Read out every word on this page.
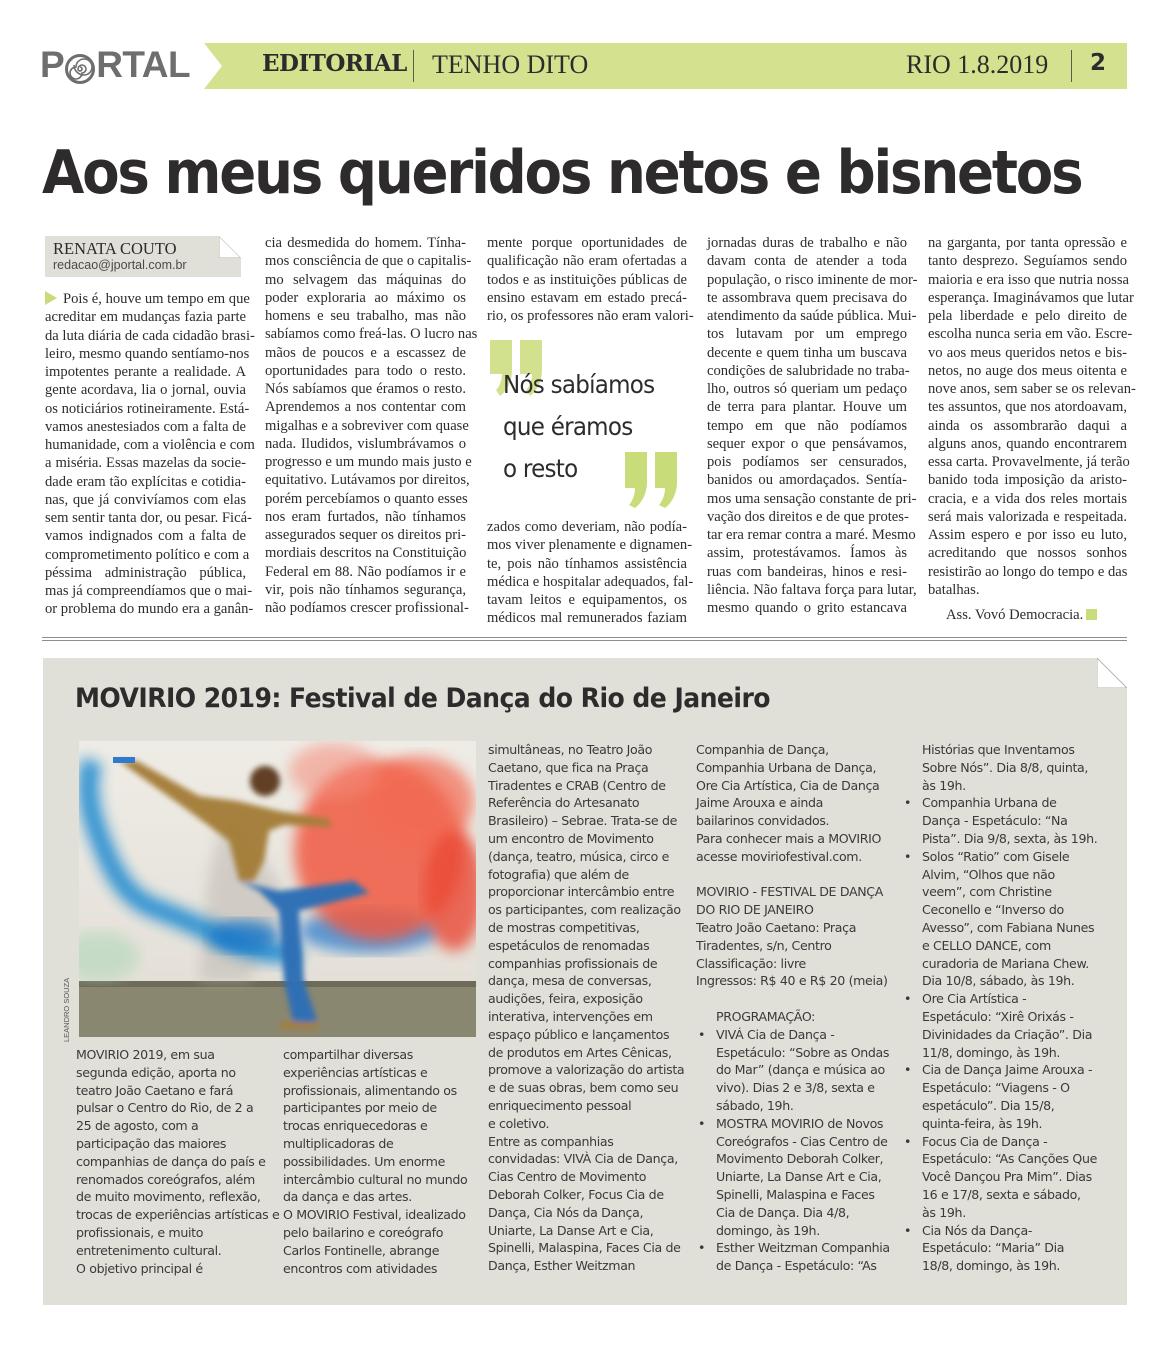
P RTAL	EDITORIAL TENHO DITO	RIO 1.8.2019 2
Aos meus queridos netos e bisnetos
RENATA COUTO
redacao@jportal.com.br
Pois é, houve um tempo em que
acreditar em mudanças fazia parte
da luta diária de cada cidadão brasi-
leiro, mesmo quando sentíamo-nos
impotentes perante a realidade. A
gente acordava, lia o jornal, ouvia
os noticiários rotineiramente. Está-
vamos anestesiados com a falta de
humanidade, com a violência e com
a miséria. Essas mazelas da socie-
dade eram tão explícitas e cotidia-
nas, que já convivíamos com elas
sem sentir tanta dor, ou pesar. Ficá-
vamos indignados com a falta de
comprometimento político e com a
péssima administração pública,
mas já compreendíamos que o mai-
or problema do mundo era a ganân-
cia desmedida do homem. Tínha-
mos consciência de que o capitalis-
mo selvagem das máquinas do
poder exploraria ao máximo os
homens e seu trabalho, mas não
sabíamos como freá-las. O lucro nas
mãos de poucos e a escassez de
oportunidades para todo o resto.
Nós sabíamos que éramos o resto.
Aprendemos a nos contentar com
migalhas e a sobreviver com quase
nada. Iludidos, vislumbrávamos o
progresso e um mundo mais justo e
equitativo. Lutávamos por direitos,
porém percebíamos o quanto esses
nos eram furtados, não tínhamos
assegurados sequer os direitos pri-
mordiais descritos na Constituição
Federal em 88. Não podíamos ir e
vir, pois não tínhamos segurança,
não podíamos crescer profissional-
mente porque oportunidades de
qualificação não eram ofertadas a
todos e as instituições públicas de
ensino estavam em estado precá-
rio, os professores não eram valori-
zados como deveriam, não podía-
mos viver plenamente e dignamen-
te, pois não tínhamos assistência
médica e hospitalar adequados, fal-
tavam leitos e equipamentos, os
médicos mal remunerados faziam
jornadas duras de trabalho e não
davam conta de atender a toda
população, o risco iminente de mor-
te assombrava quem precisava do
atendimento da saúde pública. Mui-
tos lutavam por um emprego
decente e quem tinha um buscava
condições de salubridade no traba-
lho, outros só queriam um pedaço
de terra para plantar. Houve um
tempo em que não podíamos
sequer expor o que pensávamos,
pois podíamos ser censurados,
banidos ou amordaçados. Sentía-
mos uma sensação constante de pri-
vação dos direitos e de que protes-
tar era remar contra a maré. Mesmo
assim, protestávamos. Íamos às
ruas com bandeiras, hinos e resi-
liência. Não faltava força para lutar,
mesmo quando o grito estancava
na garganta, por tanta opressão e
tanto desprezo. Seguíamos sendo
maioria e era isso que nutria nossa
esperança. Imaginávamos que lutar
pela liberdade e pelo direito de
escolha nunca seria em vão. Escre-
vo aos meus queridos netos e bis-
netos, no auge dos meus oitenta e
nove anos, sem saber se os relevan-
tes assuntos, que nos atordoavam,
ainda os assombrarão daqui a
alguns anos, quando encontrarem
essa carta. Provavelmente, já terão
banido toda imposição da aristo-
cracia, e a vida dos reles mortais
será mais valorizada e respeitada.
Assim espero e por isso eu luto,
acreditando que nossos sonhos
resistirão ao longo do tempo e das
batalhas.
Nós sabíamos
que éramos
o resto
Ass. Vovó Democracia.
MOVIRIO 2019: Festival de Dança do Rio de Janeiro
LEANDRO SOUZA
MOVIRIO 2019, em sua
segunda edição, aporta no
teatro João Caetano e fará
pulsar o Centro do Rio, de 2 a
25 de agosto, com a
participação das maiores
companhias de dança do país e
renomados coreógrafos, além
de muito movimento, reflexão,
trocas de experiências artísticas e
profissionais, e muito
entretenimento cultural.
O objetivo principal é
compartilhar diversas
experiências artísticas e
profissionais, alimentando os
participantes por meio de
trocas enriquecedoras e
multiplicadoras de
possibilidades. Um enorme
intercâmbio cultural no mundo
da dança e das artes.
O MOVIRIO Festival, idealizado
pelo bailarino e coreógrafo
Carlos Fontinelle, abrange
encontros com atividades
simultâneas, no Teatro João
Caetano, que fica na Praça
Tiradentes e CRAB (Centro de
Referência do Artesanato
Brasileiro) – Sebrae. Trata-se de
um encontro de Movimento
(dança, teatro, música, circo e
fotografia) que além de
proporcionar intercâmbio entre
os participantes, com realização
de mostras competitivas,
espetáculos de renomadas
companhias profissionais de
dança, mesa de conversas,
audições, feira, exposição
interativa, intervenções em
espaço público e lançamentos
de produtos em Artes Cênicas,
promove a valorização do artista
e de suas obras, bem como seu
enriquecimento pessoal
e coletivo.
Entre as companhias
convidadas: VIVÀ Cia de Dança,
Cias Centro de Movimento
Deborah Colker, Focus Cia de
Dança, Cia Nós da Dança,
Uniarte, La Danse Art e Cia,
Spinelli, Malaspina, Faces Cia de
Dança, Esther Weitzman
Companhia de Dança,
Companhia Urbana de Dança,
Ore Cia Artística, Cia de Dança
Jaime Arouxa e ainda
bailarinos convidados.
Para conhecer mais a MOVIRIO
acesse moviriofestival.com.
MOVIRIO - FESTIVAL DE DANÇA
DO RIO DE JANEIRO
Teatro João Caetano: Praça
Tiradentes, s/n, Centro
Classificação: livre
Ingressos: R$ 40 e R$ 20 (meia)
PROGRAMAÇÃO:
• VIVÁ Cia de Dança -
Espetáculo: “Sobre as Ondas
do Mar” (dança e música ao
vivo). Dias 2 e 3/8, sexta e
sábado, 19h.
• MOSTRA MOVIRIO de Novos
Coreógrafos - Cias Centro de
Movimento Deborah Colker,
Uniarte, La Danse Art e Cia,
Spinelli, Malaspina e Faces
Cia de Dança. Dia 4/8,
domingo, às 19h.
• Esther Weitzman Companhia
de Dança - Espetáculo: “As
Histórias que Inventamos
Sobre Nós”. Dia 8/8, quinta,
às 19h.
• Companhia Urbana de
Dança - Espetáculo: “Na
Pista”. Dia 9/8, sexta, às 19h.
• Solos “Ratio” com Gisele
Alvim, “Olhos que não
veem”, com Christine
Ceconello e “Inverso do
Avesso”, com Fabiana Nunes
e CELLO DANCE, com
curadoria de Mariana Chew.
Dia 10/8, sábado, às 19h.
• Ore Cia Artística -
Espetáculo: “Xirê Orixás -
Divinidades da Criação”. Dia
11/8, domingo, às 19h.
• Cia de Dança Jaime Arouxa -
Espetáculo: “Viagens - O
espetáculo”. Dia 15/8,
quinta-feira, às 19h.
• Focus Cia de Dança -
Espetáculo: “As Canções Que
Você Dançou Pra Mim”. Dias
16 e 17/8, sexta e sábado,
às 19h.
• Cia Nós da Dança-
Espetáculo: “Maria” Dia
18/8, domingo, às 19h.
